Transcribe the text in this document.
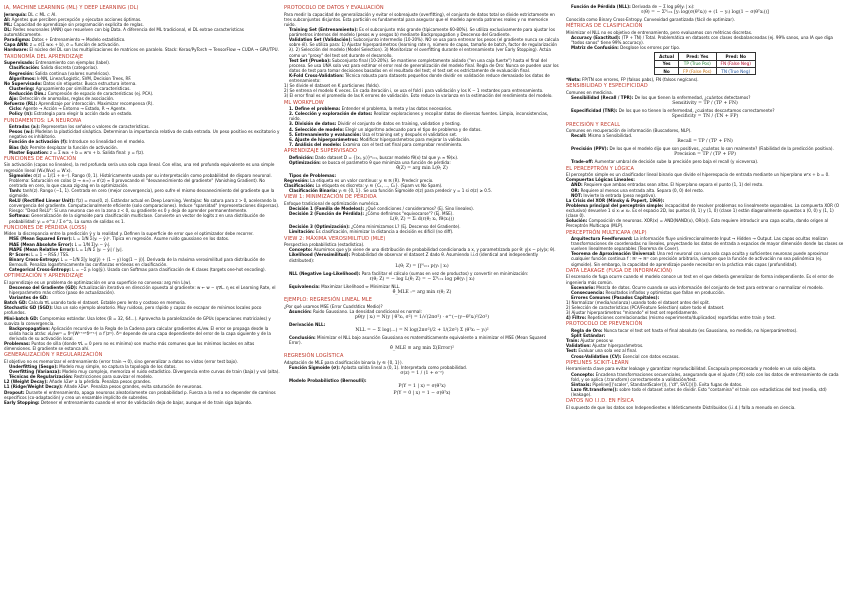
IA, MACHINE LEARNING (ML) Y DEEP LEARNING (DL)

Jerarquía: DL ⊂ ML ⊂ AI.

AI: Agentes que perciben percepción y ejecutan acciones óptimas.

ML: Capacidad de aprendizaje sin programación explícita de reglas.

DL: Redes neuronales (ANN) que resuelven con big Data. A diferencia del ML tradicional, el DL extrae características automáticamente.

Paradigma: Datos + Entrenamiento → Modelo estadístico.

Capa ANN: z = σ(Σ wᵢxᵢ + b), σ = función de activación.

Hardware: El núcleo del DL son las multiplicaciones de matrices en paralelo. Stack: Keras/PyTorch → TensorFlow → CUDA → GPU/TPU.

TAXONOMÍA DEL APRENDIZAJE

Supervisado: Entrenamiento con ejemplos (label).

• Clasificación: Salida discreta (categorías).
• Regresión: Salida continua (valores numéricos).
• Algoritmos: k-NN, Linear/Logistic, SVM, Decision Trees, RF.

No Supervisado: Datos sin etiquetar. Busca estructura interna.

• Clustering: Agrupamiento por similitud de características.
• Reducción Dim.: Compresión de espacio de características (ej. PCA).
• Ajo: Detección de anomalías, reglas de asociación.

Refuerzo (RL): Aprendizaje por interacción. Maximizar recompensa (R).

• Ciclo: Agente → Acción → Entorno → Estado, R → Agente.
• Policy (π): Estrategia para elegir la acción dado un estado.
FUNDAMENTOS: LA NEURONA
• Entradas (xᵢ): Representan los señales o valores de características.
• Pesos (wᵢ): Modelan la plasticidad sináptica. Determinan la importancia relativa de cada entrada. Un peso positivo es excitatorio y negativo es inhibitorio.
• Función de activación (f): Introduce no linealidad en el modelo.
• Bias (b): Permite desplazar la función de activación.
• Master Equation: z = Σ wᵢxᵢ + b = wᵀx + b. Salida final: y = f(z).
FUNCIONES DE ACTIVACIÓN

Sin activación (capas no lineales), la red profunda sería una sola capa lineal. Con ellas, una red profunda equivalente es una simple regresión lineal (W₂(W₁x) = W′x).

• Sigmoide: σ(z) = 1/(1 + e⁻ᶻ). Rango (0, 1). Históricamente usada por su interpretación como probabilidad de disparo neuronal. Problema: Saturación en colas (z → ±∞) ⇒ σ′(z) ≈ 0 provocando el "desvanecimiento del gradiente" (Vanishing Gradient). No centrada en cero, lo que causa zig-zag en la optimización.
• Tanh: tanh(z). Rango (−1, 1). Centrada en cero (mejor convergencia), pero sufre el mismo desvanecimiento del gradiente que la sigmoide.
• ReLU (Rectified Linear Unit): f(z) = max(0, z). Estándar actual en Deep Learning. Ventajas: No satura para z > 0, acelerando la convergencia del gradiente. Computacionalmente eficiente (solo comparaciones). Induce "sparsidad" (representaciones dispersas). Riesgo: "Dead ReLU": Si una neurona cae en la zona z < 0, su gradiente es 0 y deja de aprender permanentemente.
• Softmax: Generalización de la sigmoide para clasificación multiclase. Convierte un vector de logits z en una distribución de probabilidad: yᵢ = e^zᵢ / Σ e^zⱼ. La suma de salidas es 1.
FUNCIONES DE PÉRDIDA (LOSS)

Miden la discrepancia entre la predicción ŷ y la realidad y. Definen la superficie de error que el optimizador debe recorrer.

• MSE (Mean Squared Error): L = 1/N Σ(yᵢ − ŷᵢ)². Típica en regresión. Asume ruido gaussiano en los datos.
• MAE (Mean Absolute Error): L = 1/N Σ|yᵢ − ŷᵢ|.
• MAPE (Mean Relative Error): L = 1/N Σ |yᵢ − ŷᵢ| / |yᵢ|.
• R² Score: L = 1 − RSS / TSS.
• Binary Cross-Entropy: L = −1/N Σ[y log(ŷ) + (1 − y) log(1 − ŷ)]. Derivada de la máxima verosimilitud para distribución de Bernoulli. Penaliza logarítmicamente las confianzas erróneas en clasificación.
• Categorical Cross-Entropy: L = −Σ yᵢ log(ŷᵢ). Usada con Softmax para clasificación de K clases (targets one-hot encoding).
OPTIMIZACIÓN Y APRENDIZAJE

El aprendizaje es un problema de optimización en una superficie no convexa: arg min L(w).

• Descenso del Gradiente (GD): Actualización iterativa en dirección opuesta al gradiente: w ← w − η∇L. η es el Learning Rate, el hiperparámetro más crítico (paso de actualización).
• Variantes de GD:

Batch GD: Calcula ∇L usando todo el dataset. Estable pero lento y costoso en memoria.

Stochastic GD (SGD): Usa un solo ejemplo aleatorio. Muy ruidoso, pero rápido y capaz de escapar de mínimos locales poco profundos.

Mini-batch GD: Compromiso estándar. Usa lotes (B = 32, 64...). Aprovecha la paralelización de GPUs (operaciones matriciales) y suaviza la convergencia.

• Backpropagation: Aplicación recursiva de la Regla de la Cadena para calcular gradientes ∂L/∂w. El error se propaga desde la salida hacia atrás: ∂L/∂w⁽ˡ⁾ = δ⁽ˡ⁾(W⁽ˡ⁺¹⁾ᵀδ⁽ˡ⁺¹⁾) ⊙ f′(z⁽ˡ⁾). δ⁽ˡ⁾ depende de una capa dependiente del error de la capa siguiente y de la derivada de su activación local.

Problemas: Puntos de silla (donde ∇L = 0 pero no es mínimo) son mucho más comunes que los mínimos locales en altas dimensiones. El gradiente se estanca ahí.

GENERALIZACIÓN Y REGULARIZACIÓN

El objetivo no es memorizar el entrenamiento (error train → 0), sino generalizar a datos no vistos (error test bajo).

• Underfitting (Sesgo): Modelo muy simple, no captura la topología de los datos.
• Overfitting (Varianza): Modelo muy complejo, memoriza el ruido estadístico. Divergencia entre curvas de train (baja) y val (alta).
• Técnicas de Regularización: Restricciones para suavizar el modelo.

L2 (Weight Decay): Añade λΣw² a la pérdida. Penaliza pesos grandes.

L1 (Ridge/Weight Decay): Añade λΣw². Penaliza pesos grandes, evita saturación de neuronas.

Dropout: Durante el entrenamiento, apaga neuronas aleatoriamente con probabilidad p. Fuerza a la red a no depender de caminos específicos (co-adaptación) y crea un ensamble implícito de subredes.

Early Stopping: Detener el entrenamiento cuando el error de validación deja de bajar, aunque el de train siga bajando.

PROTOCOLO DE DATOS Y EVALUACIÓN

Para medir la capacidad de generalización y evitar el sobreajuste (overfitting), el conjunto de datos total se divide estrictamente en tres subconjuntos disjuntos. Esta partición es fundamental para asegurar que el modelo aprenda patrones reales y no memorice ruido.

• Training Set (Entrenamiento): Es el subconjunto más grande (típicamente 60-80%). Se utiliza exclusivamente para ajustar los parámetros internos del modelo (pesos w y sesgos b) mediante Backpropagation y Descenso del Gradiente.
• Validation Set (Validación): Subconjunto intermedio (10-20%). NO se usa para entrenar los pesos (el gradiente nunca se calcula sobre él). Se utiliza para: 1) Ajustar hiperparámetros (learning rate η, número de capas, tamaño de batch, factor de regularización λ). 2) Selección del modelo (Model Selection). 3) Monitorizar el overfitting durante el entrenamiento (ver Early Stopping). Actúa como un "proxy" del test set durante el desarrollo.
• Test Set (Prueba): Subconjunto final (10-20%). Se mantiene completamente aislado ("en una caja fuerte") hasta el final del proceso. Se usa UNA sola vez para estimar el error real de generalización del modelo final. Regla de Oro: Nunca se pueden usar los datos de test para tomar decisiones basadas en el resultado del test; el test set es estrictamente de evaluación final.
• K-Fold Cross-Validation: Técnica robusta para datasets pequeños donde dividir en validación reduce demasiado los datos de entrenamiento:

1) Se divide el dataset en K particiones (folds).

2) Se entrena el modelo K veces. En cada iteración i, se usa el fold i para validación y los K − 1 restantes para entrenamiento.

3) El error final es el promedio de las K errores de validación. Esto reduce la varianza en la estimación del rendimiento del modelo.

ML WORKFLOW
• 1. Define el problema: Entender el problema, la meta y las datos necesarios.
• 2. Colección y exploración de datos: Realizar exploraciones y recopilar datos de diversas fuentes. Limpia, inconsistencias, ruido.
• 3. División de datos: Dividir el conjunto de datos en training, validation y testing.
• 4. Selección de modelo: Elegir un algoritmo adecuado para el tipo de problema y de datos.
• 5. Entrenamiento y evaluación: Usa el training set y después el validation set.
• 6. Ajuste de hiperparámetros: Modificar hiperparámetros para mejorar la validación.
• 7. Análisis del modelo: Examina con el test set final para comprobar rendimiento.
APRENDIZAJE SUPERVISADO
• Definición: Dado dataset D = {(xᵢ, yᵢ)}ᴺᵢ₌₁, buscar modelo fθ(x) tal que yᵢ ≈ fθ(xᵢ).
• Optimización: se busca el parámetro θ que minimiza una función de pérdida:
θ̂(Z) = arg min L(θ; Z)
• Tipos de Problemas:

Regresión: La etiqueta es un valor continuo: yᵢ ∈ ℝ (R). Predecir precio.

Clasificación: La etiqueta es discreta: yᵢ ∈ {C₁, ..., Cₖ}. (Spam vs No Spam).

• Clasificación Binaria: yᵢ ∈ {0, 1}. Se usa función Sigmoide σ(z) para predecir y = 1 si σ(z) ≥ 0.5.
VIEW 1: MINIMIZACIÓN DE PÉRDIDA

Enfoque tradicional de optimización numérica.

• Decisión 1 (Familia de Modelos): ¿Qué condiciones / consideramos? (Ej. Sino lineales).
• Decisión 2 (Función de Pérdida): ¿Cómo definimos "equivocarse"? (Ej. MSE).
L(θ, Z) = Σᵢ d(ℓ(θ; xᵢ, fθ(xᵢ)))
• Decisión 3 (Optimización): ¿Cómo minimizamos L? (Ej. Descenso del Gradiente).
• Limitación: Es clasificación, minimizar la distancia a decisión es difícil (no diff).
VIEW 2: MÁXIMA VEROSIMILITUD (MLE)

Perspectiva probabilística (estadística).

• Concepto: Asumimos que y|x viene de una distribución de probabilidad condicionada a x, y parametrizada por θ: y|x ∼ p(y|x; θ).
• Likelihood (Verosimilitud): Probabilidad de observar el dataset Z dado θ. Asumiendo i.i.d (identical and independently distributed):
L(θ; Z) = ∏ᴺᵢ₌₁ p(yᵢ | xᵢ)
• NLL (Negative Log-Likelihood): Para facilitar el cálculo (sumas en vez de productos) y convertir en minimización:
ℓ(θ; Z) = − log L(θ; Z) = − Σᴺᵢ₌₁ log pθ(yᵢ | xᵢ)
• Equivalencia: Maximizar Likelihood ⇔ Minimizar NLL.
θ̂_MLE := arg min ℓ(θ; Z)
EJEMPLO: REGRESIÓN LINEAL MLE

¿Por qué usamos MSE (Error Cuadrático Medio)?

• Asunción: Ruido Gaussiano. La densidad condicional es normal:
pθ(y | xᵢ) = N(y | θᵀxᵢ, σ²) = 1/√(2πσ²) · e^(−(y−θᵀxᵢ)²/2σ²)
• Derivación NLL:
NLL = − Σ log(...) = N log(2πσ²)/2 + 1/(2σ²) Σ (θᵀxᵢ − yᵢ)²
• Conclusión: Minimizar el NLL bajo asunción Gaussiana es matemáticamente equivalente a minimizar el MSE (Mean Squared Error).
θ̂_MLE ≡ arg min Σ(Error)²
REGRESIÓN LOGÍSTICA

Adaptación de MLE para clasificación binaria (y ∈ {0, 1}).

• Función Sigmoide (σ): Aplasta salida lineal a (0, 1). Interpretada como probabilidad.
σ(z) = 1 / (1 + e⁻ᶻ)
• Modelo Probabilístico (Bernoulli):
P(Y = 1 | x) = σ(θᵀx)
P(Y = 0 | x) = 1 − σ(θᵀx)
• Función de Pérdida (NLL): Derivada de − Σ log pθ(yᵢ | xᵢ):
ℓ(θ) = − Σᴺᵢ₌₁ [yᵢ log(σ(θᵀxᵢ)) + (1 − yᵢ) log(1 − σ(θᵀxᵢ))]

Conocida como Binary Cross-Entropy. Convexidad garantizada (fácil de optimizar).

MÉTRICAS DE CLASIFICACIÓN

Minimizar el NLL no es objetivo de entrenamiento, pero evaluamos con métricas discretas.

• Accuracy (Exactitud): (TP + TN) / Total. Problemática en datasets con clases desbalanceadas (ej. 99% sanos, una IA que diga "todos sanos" tiene 99% accuracy).
• Matriz de Confusión: Desglose los errores por tipo.
Actual	Pred: Yes	Pred: No
Yes	TP (True Pos)	FN (False Neg)
No	FP (False Pos)	TN (True Neg)

*Nota: FP/TN son errores, FP (falsos pabs), FN (falsos neg/cans).

SENSIBILIDAD Y ESPECIFICIDAD

Comunes en medicina.

• Sensibilidad (Recall / TPR): De los que tienen la enfermedad, ¿cuántos detectamos?
Sensitivity = TP / (TP + FN)
• Especificidad (TNR): De los que no tienen la enfermedad, ¿cuántos descartamos correctamente?
Specificity = TN / (TN + FP)
PRECISIÓN Y RECALL

Comunes en recuperación de información (Buscadores, NLP).

• Recall: Mismo a Sensibilidad.
Recall = TP / (TP + FN)
• Precisión (PPV): De los que el modelo dijo que son positivos, ¿cuántos lo son realmente? (Fiabilidad de la predicción positiva).
Precision = TP / (TP + FP)
• Trade-off: Aumentar umbral de decisión sube la precisión pero baja el recall (y viceversa).
EL PERCEPTRÓN Y LÓGICA

El perceptrón simple es un clasificador lineal binario que divide el hiperespacio de entrada mediante un hiperplano wᵀx + b = 0.

Compuertas Lógicas Lineales:

• AND: Requiere que ambas entradas sean altas. El hiperplano separa el punto (1, 1) del resto.
• OR: Requiere al menos una entrada alta. Separa (0, 0) del resto.
• NOT: Invierte la entrada (peso negativo).

La Crisis del XOR (Minsky & Papert, 1969):

Problema principal del perceptrón simple: incapacidad de resolver problemas no linealmente separables. La compuerta XOR (O exclusivo) devuelve 1 si xᵢ ≠ x₂. Es el espacio 2D, los puntos (0, 1) y (1, 0) (clase 1) están diagonalmente opuestos a (0, 0) y (1, 1) (clase 0).

Solución: Composición de neuronas. XOR(x) = AND(NAND(x), OR(x)). Esto requiere introducir una capa oculta, dando origen al Perceptrón Multicapa (MLP).

PERCEPTRÓN MULTICAPA (MLP)
• Arquitectura Feedforward: La información fluye unidireccionalmente Input → Hidden → Output. Las capas ocultas realizan transformaciones de coordenadas no lineales, proyectando los datos de entrada a espacios de mayor dimensión donde las clases se vuelven linealmente separables (Teorema de Cover).
• Teorema de Aproximación Universal: Una red neuronal con una sola capa oculta y suficientes neuronas puede aproximar cualquier función continua f : ℝⁿ → ℝᵐ con precisión arbitraria, siempre que la función de activación no sea polinómica (ej. sigmoide). Sin embargo, la capacidad de aprendizaje puede necesitar en la práctica más capas (profundidad).
DATA LEAKAGE (FUGA DE INFORMACIÓN)

El escenario de fuga ocurre cuando el modelo conoce un test en el que debería generalizar de forma independiente. Es el error de ingeniería más común.

• Escenario: Mezcla de datos. Ocurre cuando se usa información del conjunto de test para entrenar o normalizar el modelo.
• Consecuencia: Resultados inflados y optimistas que fallan en producción.
• Errores Comunes (Pasados Capitales):

1) Normalizar (media/varianza) usando todo el dataset antes del split.

2) Selección de características (PCA/Feature Selection) sobre todo el dataset.

3) Ajustar hiperparámetros "mirando" el test set repetidamente.

4) Filtro: Repeticiones correlacionadas (mismo experimento/duplicados) repartidas entre train y test.

PROTOCOLO DE PREVENCIÓN
• Regla de Oro: Nunca tocar el test set hasta el final absoluto (es Gaussiano, no medido, no hiperparámetros).
• Split Estándar:

Train: Ajustar pesos w.

Validation: Ajustar hiperparámetros.

Test: Evaluar una sola vez al final.

• Cross-Validation (CV): Esencial con datos escasos.
PIPELINES SCIKIT-LEARN

Herramienta clave para evitar leakage y garantizar reproducibilidad. Encapsula preprocesado y modelo en un solo objeto.

• Concepto: Encadena transformaciones secuenciales, asegurando que el ajuste (.fit) solo con los datos de entrenamiento de cada fold, y se aplica (.transform) correctamente a validación/test.
• Sintaxis: Pipeline([('scaler', StandardScaler()), ('clf', SVC())]). Evita fugas de datos.
• Lazo fit.transform(): sobre todo el dataset antes de dividir. Esto "contamina" el train con estadísticas del test (media, std) (leakage).
DATOS NO I.I.D. EN FÍSICA

El supuesto de que los datos son Independientes e Idénticamente Distribuidos (i.i.d.) falla a menudo en ciencia.
